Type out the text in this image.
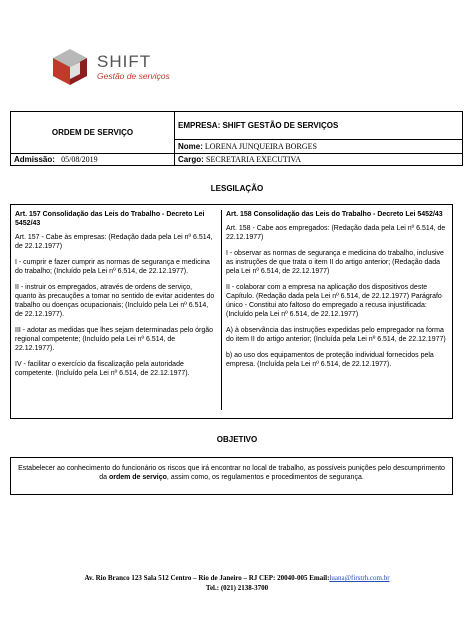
SHIFT
Gestão de serviços
ORDEM DE SERVIÇO	EMPRESA: SHIFT GESTÃO DE SERVIÇOS
	Nome: LORENA JUNQUEIRA BORGES
Admissão: 05/08/2019	Cargo: SECRETARIA EXECUTIVA
LESGILAÇÃO
Art. 157 Consolidação das Leis do Trabalho - Decreto Lei 5452/43

Art. 157 - Cabe às empresas: (Redação dada pela Lei nº 6.514, de 22.12.1977)

I - cumprir e fazer cumprir as normas de segurança e medicina do trabalho; (Incluído pela Lei nº 6.514, de 22.12.1977).

II - instruir os empregados, através de ordens de serviço, quanto às precauções a tomar no sentido de evitar acidentes do trabalho ou doenças ocupacionais; (Incluído pela Lei nº 6.514, de 22.12.1977).

III - adotar as medidas que lhes sejam determinadas pelo órgão regional competente; (Incluído pela Lei nº 6.514, de 22.12.1977).

IV - facilitar o exercício da fiscalização pela autoridade competente. (Incluído pela Lei nº 6.514, de 22.12.1977).

Art. 158 Consolidação das Leis do Trabalho - Decreto Lei 5452/43

Art. 158 - Cabe aos empregados: (Redação dada pela Lei nº 6.514, de 22.12.1977)

I - observar as normas de segurança e medicina do trabalho, inclusive as instruções de que trata o item II do artigo anterior; (Redação dada pela Lei nº 6.514, de 22.12.1977)

II - colaborar com a empresa na aplicação dos dispositivos deste Capítulo. (Redação dada pela Lei nº 6.514, de 22.12.1977) Parágrafo único - Constitui ato faltoso do empregado a recusa injustificada: (Incluído pela Lei nº 6.514, de 22.12.1977)

A) à observância das instruções expedidas pelo empregador na forma do item II do artigo anterior; (Incluída pela Lei nº 6.514, de 22.12.1977)

b) ao uso dos equipamentos de proteção individual fornecidos pela empresa. (Incluída pela Lei nº 6.514, de 22.12.1977).

OBJETIVO
Estabelecer ao conhecimento do funcionário os riscos que irá encontrar no local de trabalho, as possíveis punições pelo descumprimento da ordem de serviço, assim como, os regulamentos e procedimentos de segurança.
Av. Rio Branco 123 Sala 512 Centro – Rio de Janeiro – RJ CEP: 20040-005 Email:luana@firstrh.com.br
Tel.: (021) 2138-3700
